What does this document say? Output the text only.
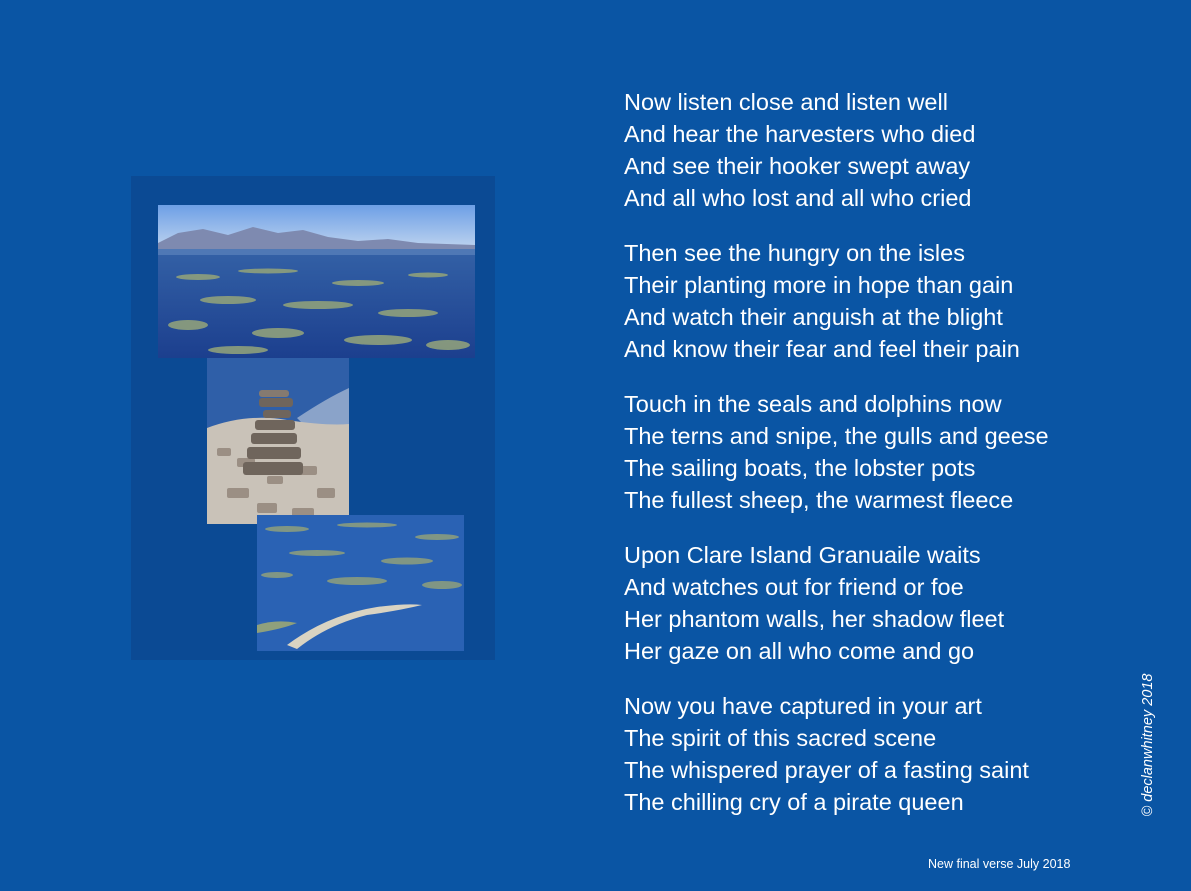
Now listen close and listen well
And hear the harvesters who died
And see their hooker swept away
And all who lost and all who cried
Then see the hungry on the isles
Their planting more in hope than gain
And watch their anguish at the blight
And know their fear and feel their pain
Touch in the seals and dolphins now
The terns and snipe, the gulls and geese
The sailing boats, the lobster pots
The fullest sheep, the warmest fleece
Upon Clare Island Granuaile waits
And watches out for friend or foe
Her phantom walls, her shadow fleet
Her gaze on all who come and go
Now you have captured in your art
The spirit of this sacred scene
The whispered prayer of a fasting saint
The chilling cry of a pirate queen	© declanwhitney 2018
New final verse July 2018
